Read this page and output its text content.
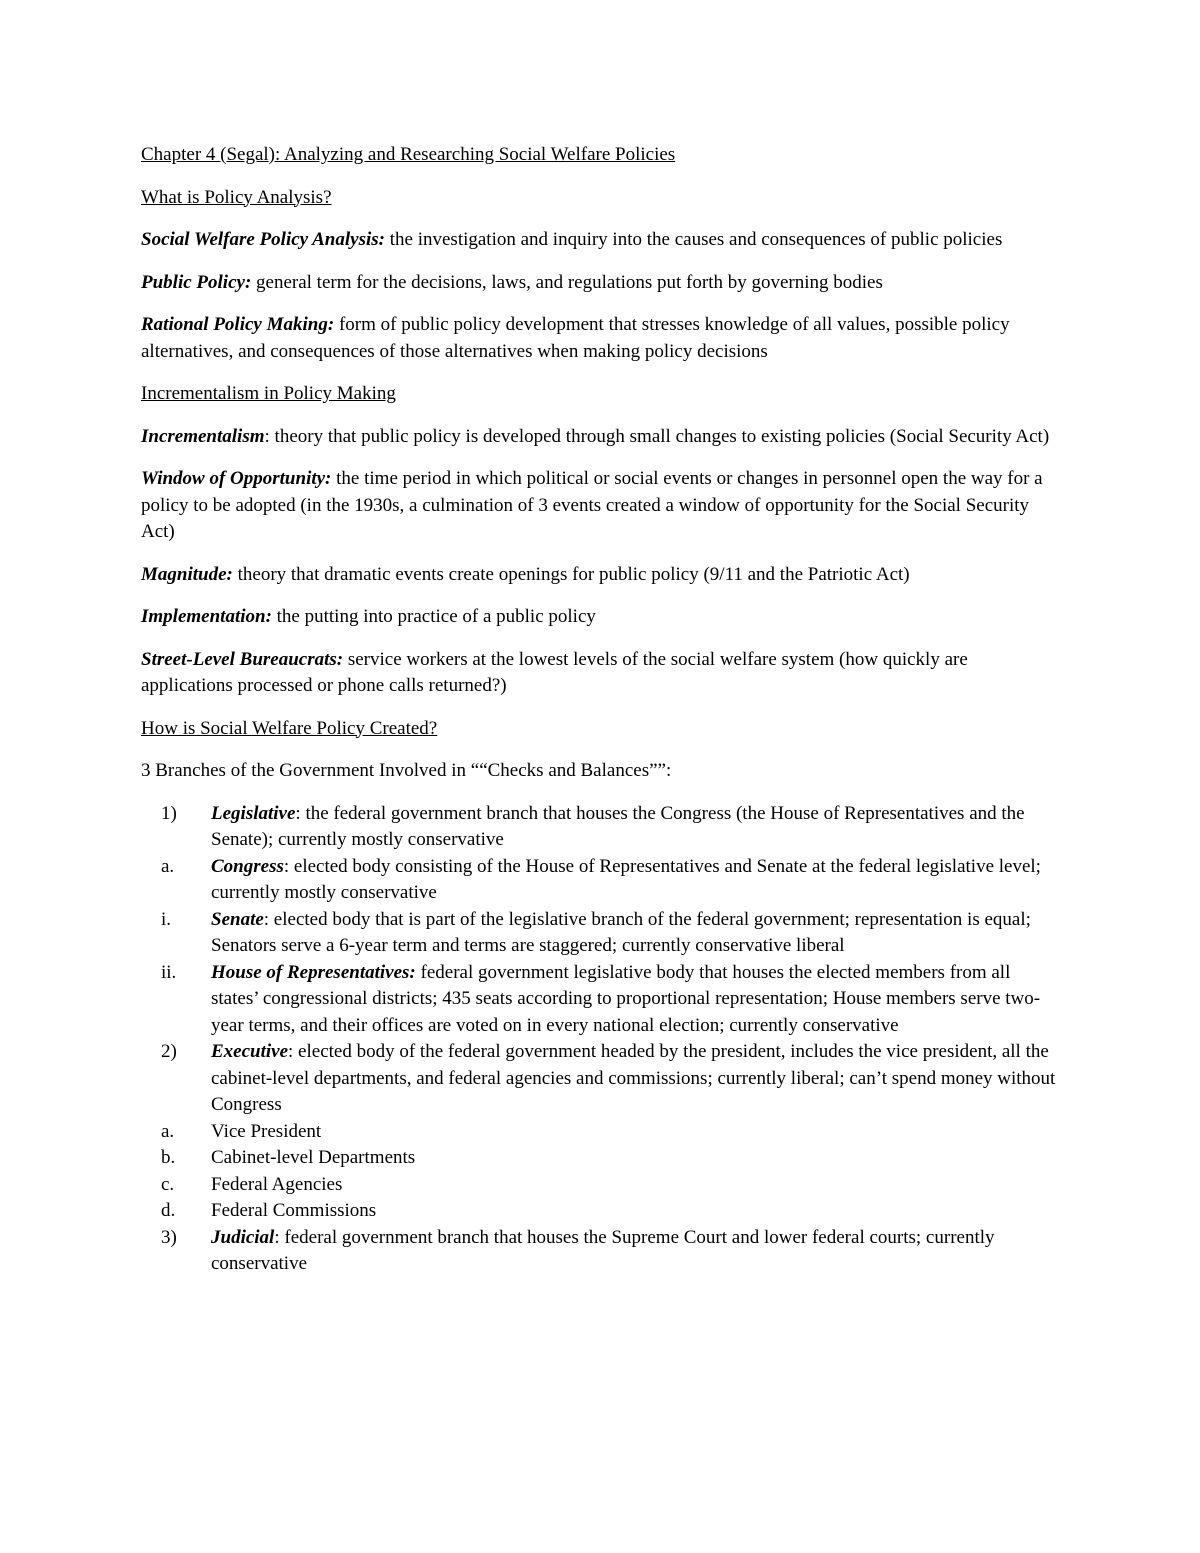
Chapter 4 (Segal): Analyzing and Researching Social Welfare Policies

What is Policy Analysis?

Social Welfare Policy Analysis: the investigation and inquiry into the causes and consequences of public policies

Public Policy: general term for the decisions, laws, and regulations put forth by governing bodies

Rational Policy Making: form of public policy development that stresses knowledge of all values, possible policy alternatives, and consequences of those alternatives when making policy decisions

Incrementalism in Policy Making

Incrementalism: theory that public policy is developed through small changes to existing policies (Social Security Act)

Window of Opportunity: the time period in which political or social events or changes in personnel open the way for a policy to be adopted (in the 1930s, a culmination of 3 events created a window of opportunity for the Social Security Act)

Magnitude: theory that dramatic events create openings for public policy (9/11 and the Patriotic Act)

Implementation: the putting into practice of a public policy

Street-Level Bureaucrats: service workers at the lowest levels of the social welfare system (how quickly are applications processed or phone calls returned?)

How is Social Welfare Policy Created?

3 Branches of the Government Involved in ““Checks and Balances””:

1)	Legislative: the federal government branch that houses the Congress (the House of Representatives and the Senate); currently mostly conservative
a.	Congress: elected body consisting of the House of Representatives and Senate at the federal legislative level; currently mostly conservative
i.	Senate: elected body that is part of the legislative branch of the federal government; representation is equal; Senators serve a 6-year term and terms are staggered; currently conservative liberal
ii.	House of Representatives: federal government legislative body that houses the elected members from all states’ congressional districts; 435 seats according to proportional representation; House members serve two-year terms, and their offices are voted on in every national election; currently conservative
2)	Executive: elected body of the federal government headed by the president, includes the vice president, all the cabinet-level departments, and federal agencies and commissions; currently liberal; can’t spend money without Congress
a.	Vice President
b.	Cabinet-level Departments
c.	Federal Agencies
d.	Federal Commissions
3)	Judicial: federal government branch that houses the Supreme Court and lower federal courts; currently conservative
